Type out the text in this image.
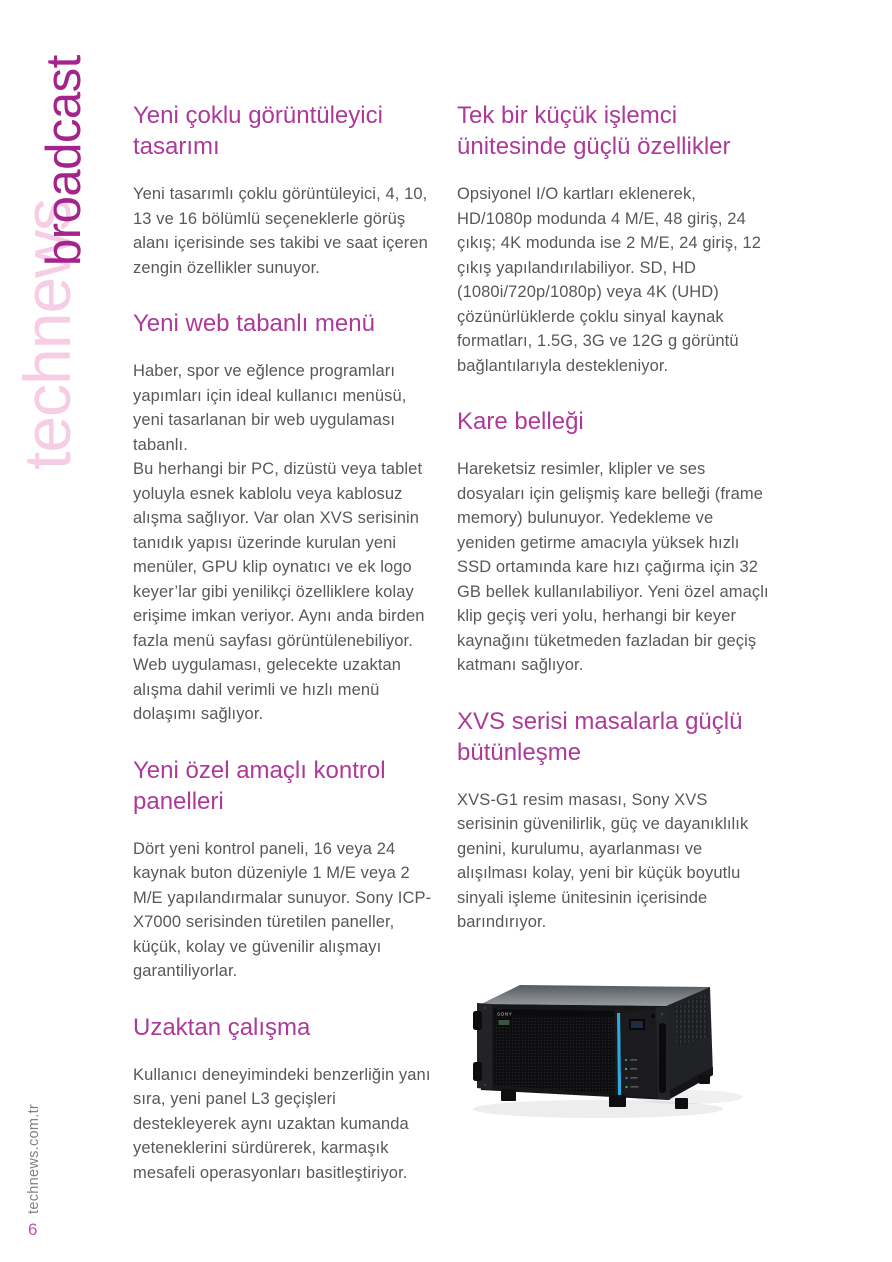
technews
broadcast Yeni çoklu görüntüleyici tasarımı

Yeni tasarımlı çoklu görüntüleyici, 4, 10, 13 ve 16 bölümlü seçeneklerle görüş alanı içerisinde ses takibi ve saat içeren zengin özellikler sunuyor.

Yeni web tabanlı menü

Haber, spor ve eğlence programları yapımları için ideal kullanıcı menüsü, yeni tasarlanan bir web uygulaması tabanlı.

Bu herhangi bir PC, dizüstü veya tablet yoluyla esnek kablolu veya kablosuz alışma sağlıyor. Var olan XVS serisinin tanıdık yapısı üzerinde kurulan yeni menüler, GPU klip oynatıcı ve ek logo keyer’lar gibi yenilikçi özelliklere kolay erişime imkan veriyor. Aynı anda birden fazla menü sayfası görüntülenebiliyor. Web uygulaması, gelecekte uzaktan alışma dahil verimli ve hızlı menü dolaşımı sağlıyor.

Yeni özel amaçlı kontrol panelleri

Dört yeni kontrol paneli, 16 veya 24 kaynak buton düzeniyle 1 M/E veya 2 M/E yapılandırmalar sunuyor. Sony ICP-X7000 serisinden türetilen paneller, küçük, kolay ve güvenilir alışmayı garantiliyorlar.

Uzaktan çalışma

Kullanıcı deneyimindeki benzerliğin yanı sıra, yeni panel L3 geçişleri destekleyerek aynı uzaktan kumanda yeteneklerini sürdürerek, karmaşık mesafeli operasyonları basitleştiriyor.

Tek bir küçük işlemci ünitesinde güçlü özellikler

Opsiyonel I/O kartları eklenerek, HD/1080p modunda 4 M/E, 48 giriş, 24 çıkış; 4K modunda ise 2 M/E, 24 giriş, 12 çıkış yapılandırılabiliyor. SD, HD (1080i/720p/1080p) veya 4K (UHD) çözünürlüklerde çoklu sinyal kaynak formatları, 1.5G, 3G ve 12G g görüntü bağlantılarıyla destekleniyor.

Kare belleği

Hareketsiz resimler, klipler ve ses dosyaları için gelişmiş kare belleği (frame memory) bulunuyor. Yedekleme ve yeniden getirme amacıyla yüksek hızlı SSD ortamında kare hızı çağırma için 32 GB bellek kullanılabiliyor. Yeni özel amaçlı klip geçiş veri yolu, herhangi bir keyer kaynağını tüketmeden fazladan bir geçiş katmanı sağlıyor.

XVS serisi masalarla güçlü bütünleşme

XVS-G1 resim masası, Sony XVS serisinin güvenilirlik, güç ve dayanıklılık genini, kurulumu, ayarlanması ve alışılması kolay, yeni bir küçük boyutlu sinyali işleme ünitesinin içerisinde barındırıyor.

SONY
technews.com.tr
6
